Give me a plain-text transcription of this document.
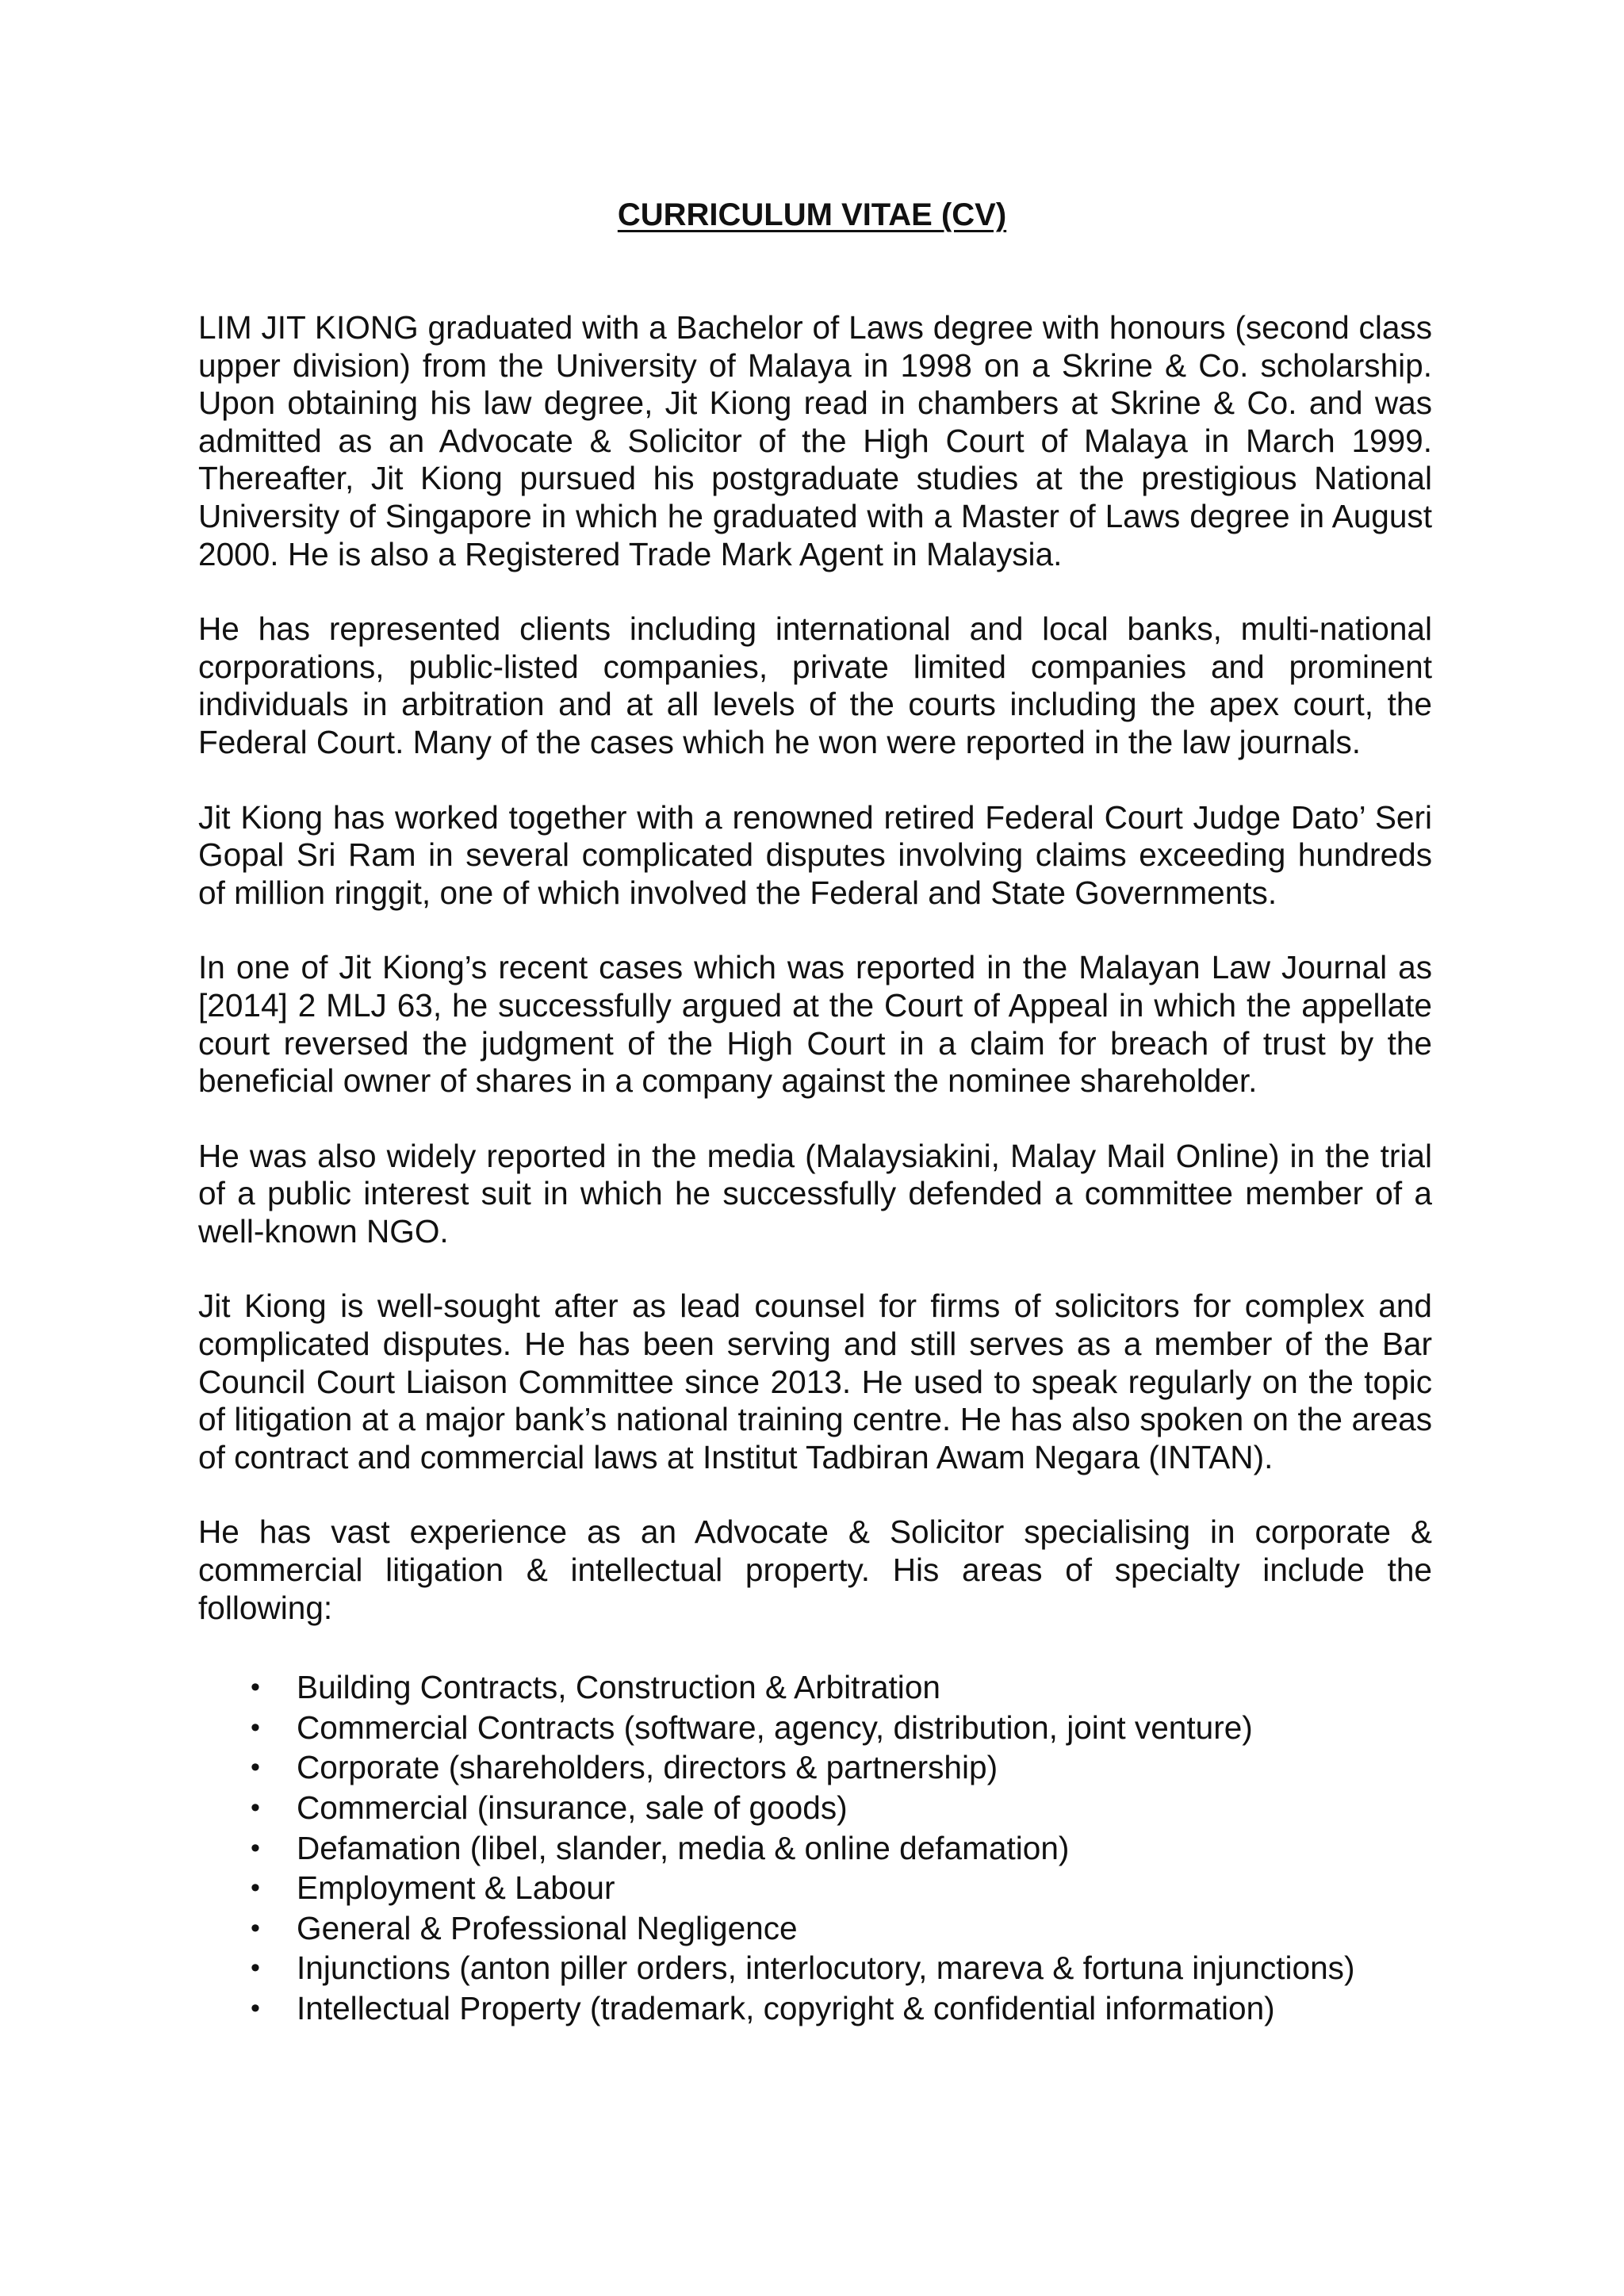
CURRICULUM VITAE (CV)

LIM JIT KIONG graduated with a Bachelor of Laws degree with honours (second class upper division) from the University of Malaya in 1998 on a Skrine & Co. scholarship. Upon obtaining his law degree, Jit Kiong read in chambers at Skrine & Co. and was admitted as an Advocate & Solicitor of the High Court of Malaya in March 1999. Thereafter, Jit Kiong pursued his postgraduate studies at the prestigious National University of Singapore in which he graduated with a Master of Laws degree in August 2000. He is also a Registered Trade Mark Agent in Malaysia.

He has represented clients including international and local banks, multi-national corporations, public-listed companies, private limited companies and prominent individuals in arbitration and at all levels of the courts including the apex court, the Federal Court. Many of the cases which he won were reported in the law journals.

Jit Kiong has worked together with a renowned retired Federal Court Judge Dato’ Seri Gopal Sri Ram in several complicated disputes involving claims exceeding hundreds of million ringgit, one of which involved the Federal and State Governments.

In one of Jit Kiong’s recent cases which was reported in the Malayan Law Journal as [2014] 2 MLJ 63, he successfully argued at the Court of Appeal in which the appellate court reversed the judgment of the High Court in a claim for breach of trust by the beneficial owner of shares in a company against the nominee shareholder.

He was also widely reported in the media (Malaysiakini, Malay Mail Online) in the trial of a public interest suit in which he successfully defended a committee member of a well-known NGO.

Jit Kiong is well-sought after as lead counsel for firms of solicitors for complex and complicated disputes. He has been serving and still serves as a member of the Bar Council Court Liaison Committee since 2013. He used to speak regularly on the topic of litigation at a major bank’s national training centre. He has also spoken on the areas of contract and commercial laws at Institut Tadbiran Awam Negara (INTAN).

He has vast experience as an Advocate & Solicitor specialising in corporate & commercial litigation & intellectual property. His areas of specialty include the following:

• Building Contracts, Construction & Arbitration
• Commercial Contracts (software, agency, distribution, joint venture)
• Corporate (shareholders, directors & partnership)
• Commercial (insurance, sale of goods)
• Defamation (libel, slander, media & online defamation)
• Employment & Labour
• General & Professional Negligence
• Injunctions (anton piller orders, interlocutory, mareva & fortuna injunctions)
• Intellectual Property (trademark, copyright & confidential information)
